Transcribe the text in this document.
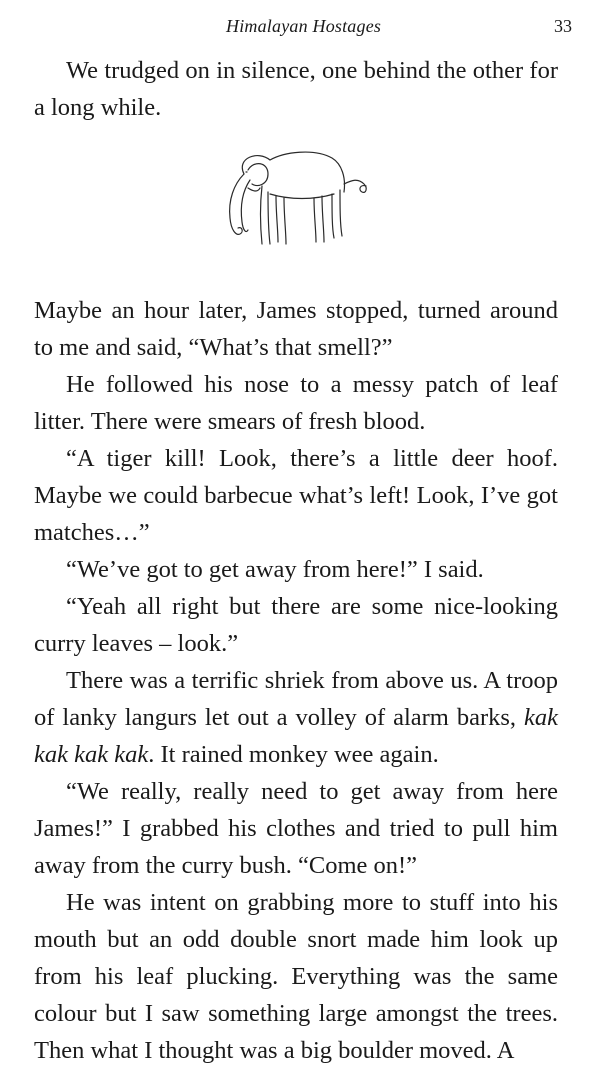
Himalayan Hostages	33

We trudged on in silence, one behind the other for a long while.

Maybe an hour later, James stopped, turned around to me and said, “What’s that smell?”

He followed his nose to a messy patch of leaf litter. There were smears of fresh blood.

“A tiger kill! Look, there’s a little deer hoof. Maybe we could barbecue what’s left! Look, I’ve got matches…”

“We’ve got to get away from here!” I said.

“Yeah all right but there are some nice-looking curry leaves – look.”

There was a terrific shriek from above us. A troop of lanky langurs let out a volley of alarm barks, kak kak kak kak. It rained monkey wee again.

“We really, really need to get away from here James!” I grabbed his clothes and tried to pull him away from the curry bush. “Come on!”

He was intent on grabbing more to stuff into his mouth but an odd double snort made him look up from his leaf plucking. Everything was the same colour but I saw something large amongst the trees. Then what I thought was a big boulder moved. A
